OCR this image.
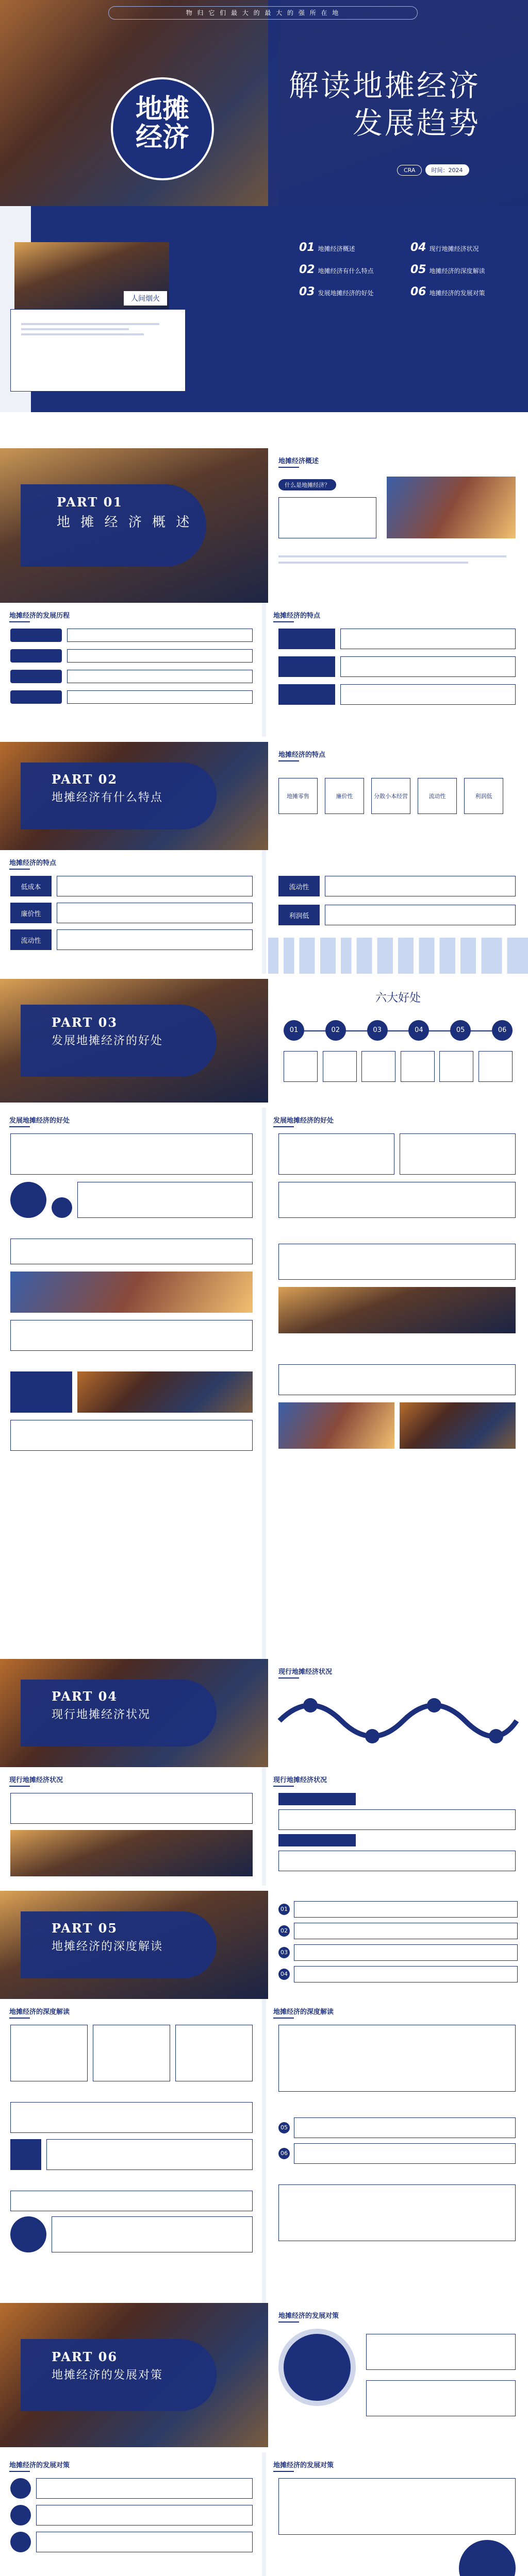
物 归 它 们 最 大 的 最 大 的 强 所 在 地
地摊
经济
解读地摊经济
发展趋势
CRA	时间：2024
人间烟火
01 地摊经济概述	04 现行地摊经济状况
02 地摊经济有什么特点	05 地摊经济的深度解读
03 发展地摊经济的好处	06 地摊经济的发展对策
PART 01
地 摊 经 济 概 述
地摊经济概述
什么是地摊经济？
地摊经济的发展历程	地摊经济的特点
PART 02
地摊经济有什么特点
地摊经济的特点
地摊零售	廉价性	分散小本经营	流动性	利润低
地摊经济的特点
低成本
廉价性
流动性
流动性
利润低
PART 03
发展地摊经济的好处
六大好处
01	02	03	04	05	06
发展地摊经济的好处	发展地摊经济的好处
PART 04
现行地摊经济状况
现行地摊经济状况
现行地摊经济状况	现行地摊经济状况
PART 05
地摊经济的深度解读
01
02
03
04
地摊经济的深度解读	地摊经济的深度解读
05
06
PART 06
地摊经济的发展对策
地摊经济的发展对策
地摊经济的发展对策	地摊经济的发展对策
